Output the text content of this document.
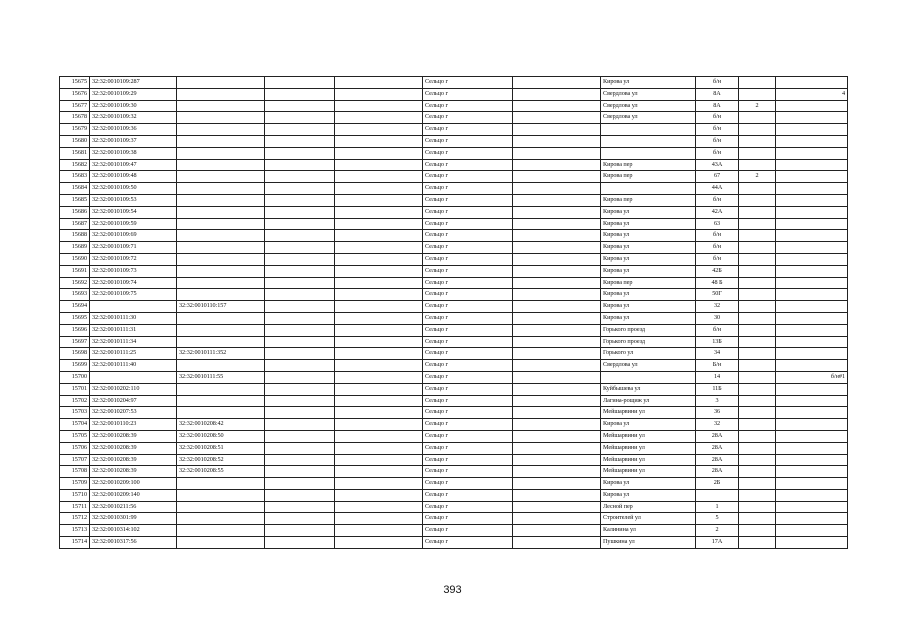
15675	32:32:0010109:287				Сельцо г		Кирова ул	б/н		
15676	32:32:0010109:29				Сельцо г		Свердлова ул	8А		4
15677	32:32:0010109:30				Сельцо г		Свердлова ул	8А	2	
15678	32:32:0010109:32				Сельцо г		Свердлова ул	б/н		
15679	32:32:0010109:36				Сельцо г			б/н		
15680	32:32:0010109:37				Сельцо г			б/н		
15681	32:32:0010109:38				Сельцо г			б/н		
15682	32:32:0010109:47				Сельцо г		Кирова пер	43А		
15683	32:32:0010109:48				Сельцо г		Кирова пер	67	2	
15684	32:32:0010109:50				Сельцо г			44А		
15685	32:32:0010109:53				Сельцо г		Кирова пер	б/н		
15686	32:32:0010109:54				Сельцо г		Кирова ул	42А		
15687	32:32:0010109:59				Сельцо г		Кирова ул	63		
15688	32:32:0010109:69				Сельцо г		Кирова ул	б/н		
15689	32:32:0010109:71				Сельцо г		Кирова ул	б/н		
15690	32:32:0010109:72				Сельцо г		Кирова ул	б/н		
15691	32:32:0010109:73				Сельцо г		Кирова ул	42Б		
15692	32:32:0010109:74				Сельцо г		Кирова пер	48 Б		
15693	32:32:0010109:75				Сельцо г		Кирова ул	50Г		
15694		32:32:0010110:157			Сельцо г		Кирова ул	32		
15695	32:32:0010111:30				Сельцо г		Кирова ул	30		
15696	32:32:0010111:31				Сельцо г		Горького проезд	б/н		
15697	32:32:0010111:34				Сельцо г		Горького проезд	13Б		
15698	32:32:0010111:25	32:32:0010111:352			Сельцо г		Горького ул	34		
15699	32:32:0010111:40				Сельцо г		Свердлова ул	Б/н		
15700		32:32:0010111:55			Сельцо г			14		б/н#1
15701	32:32:0010202:110				Сельцо г		Куйбышева ул	11Б		
15702	32:32:0010204:97				Сельцо г		Лагина-рощиж ул	3		
15703	32:32:0010207:53				Сельцо г		Мейшарвини ул	36		
15704	32:32:0010110:23	32:32:0010208:42			Сельцо г		Кирова ул	32		
15705	32:32:0010208:39	32:32:0010208:50			Сельцо г		Мейшарвини ул	28А		
15706	32:32:0010208:39	32:32:0010208:51			Сельцо г		Мейшарвини ул	28А		
15707	32:32:0010208:39	32:32:0010208:52			Сельцо г		Мейшарвини ул	28А		
15708	32:32:0010208:39	32:32:0010208:55			Сельцо г		Мейшарвини ул	28А		
15709	32:32:0010209:100				Сельцо г		Кирова ул	2Б		
15710	32:32:0010209:140				Сельцо г		Кирова ул			
15711	32:32:0010211:56				Сельцо г		Лесной пер	1		
15712	32:32:0010301:99				Сельцо г		Строителей ул	5		
15713	32:32:0010314:102				Сельцо г		Калинина ул	2		
15714	32:32:0010317:56				Сельцо г		Пушкина ул	17А		
393
